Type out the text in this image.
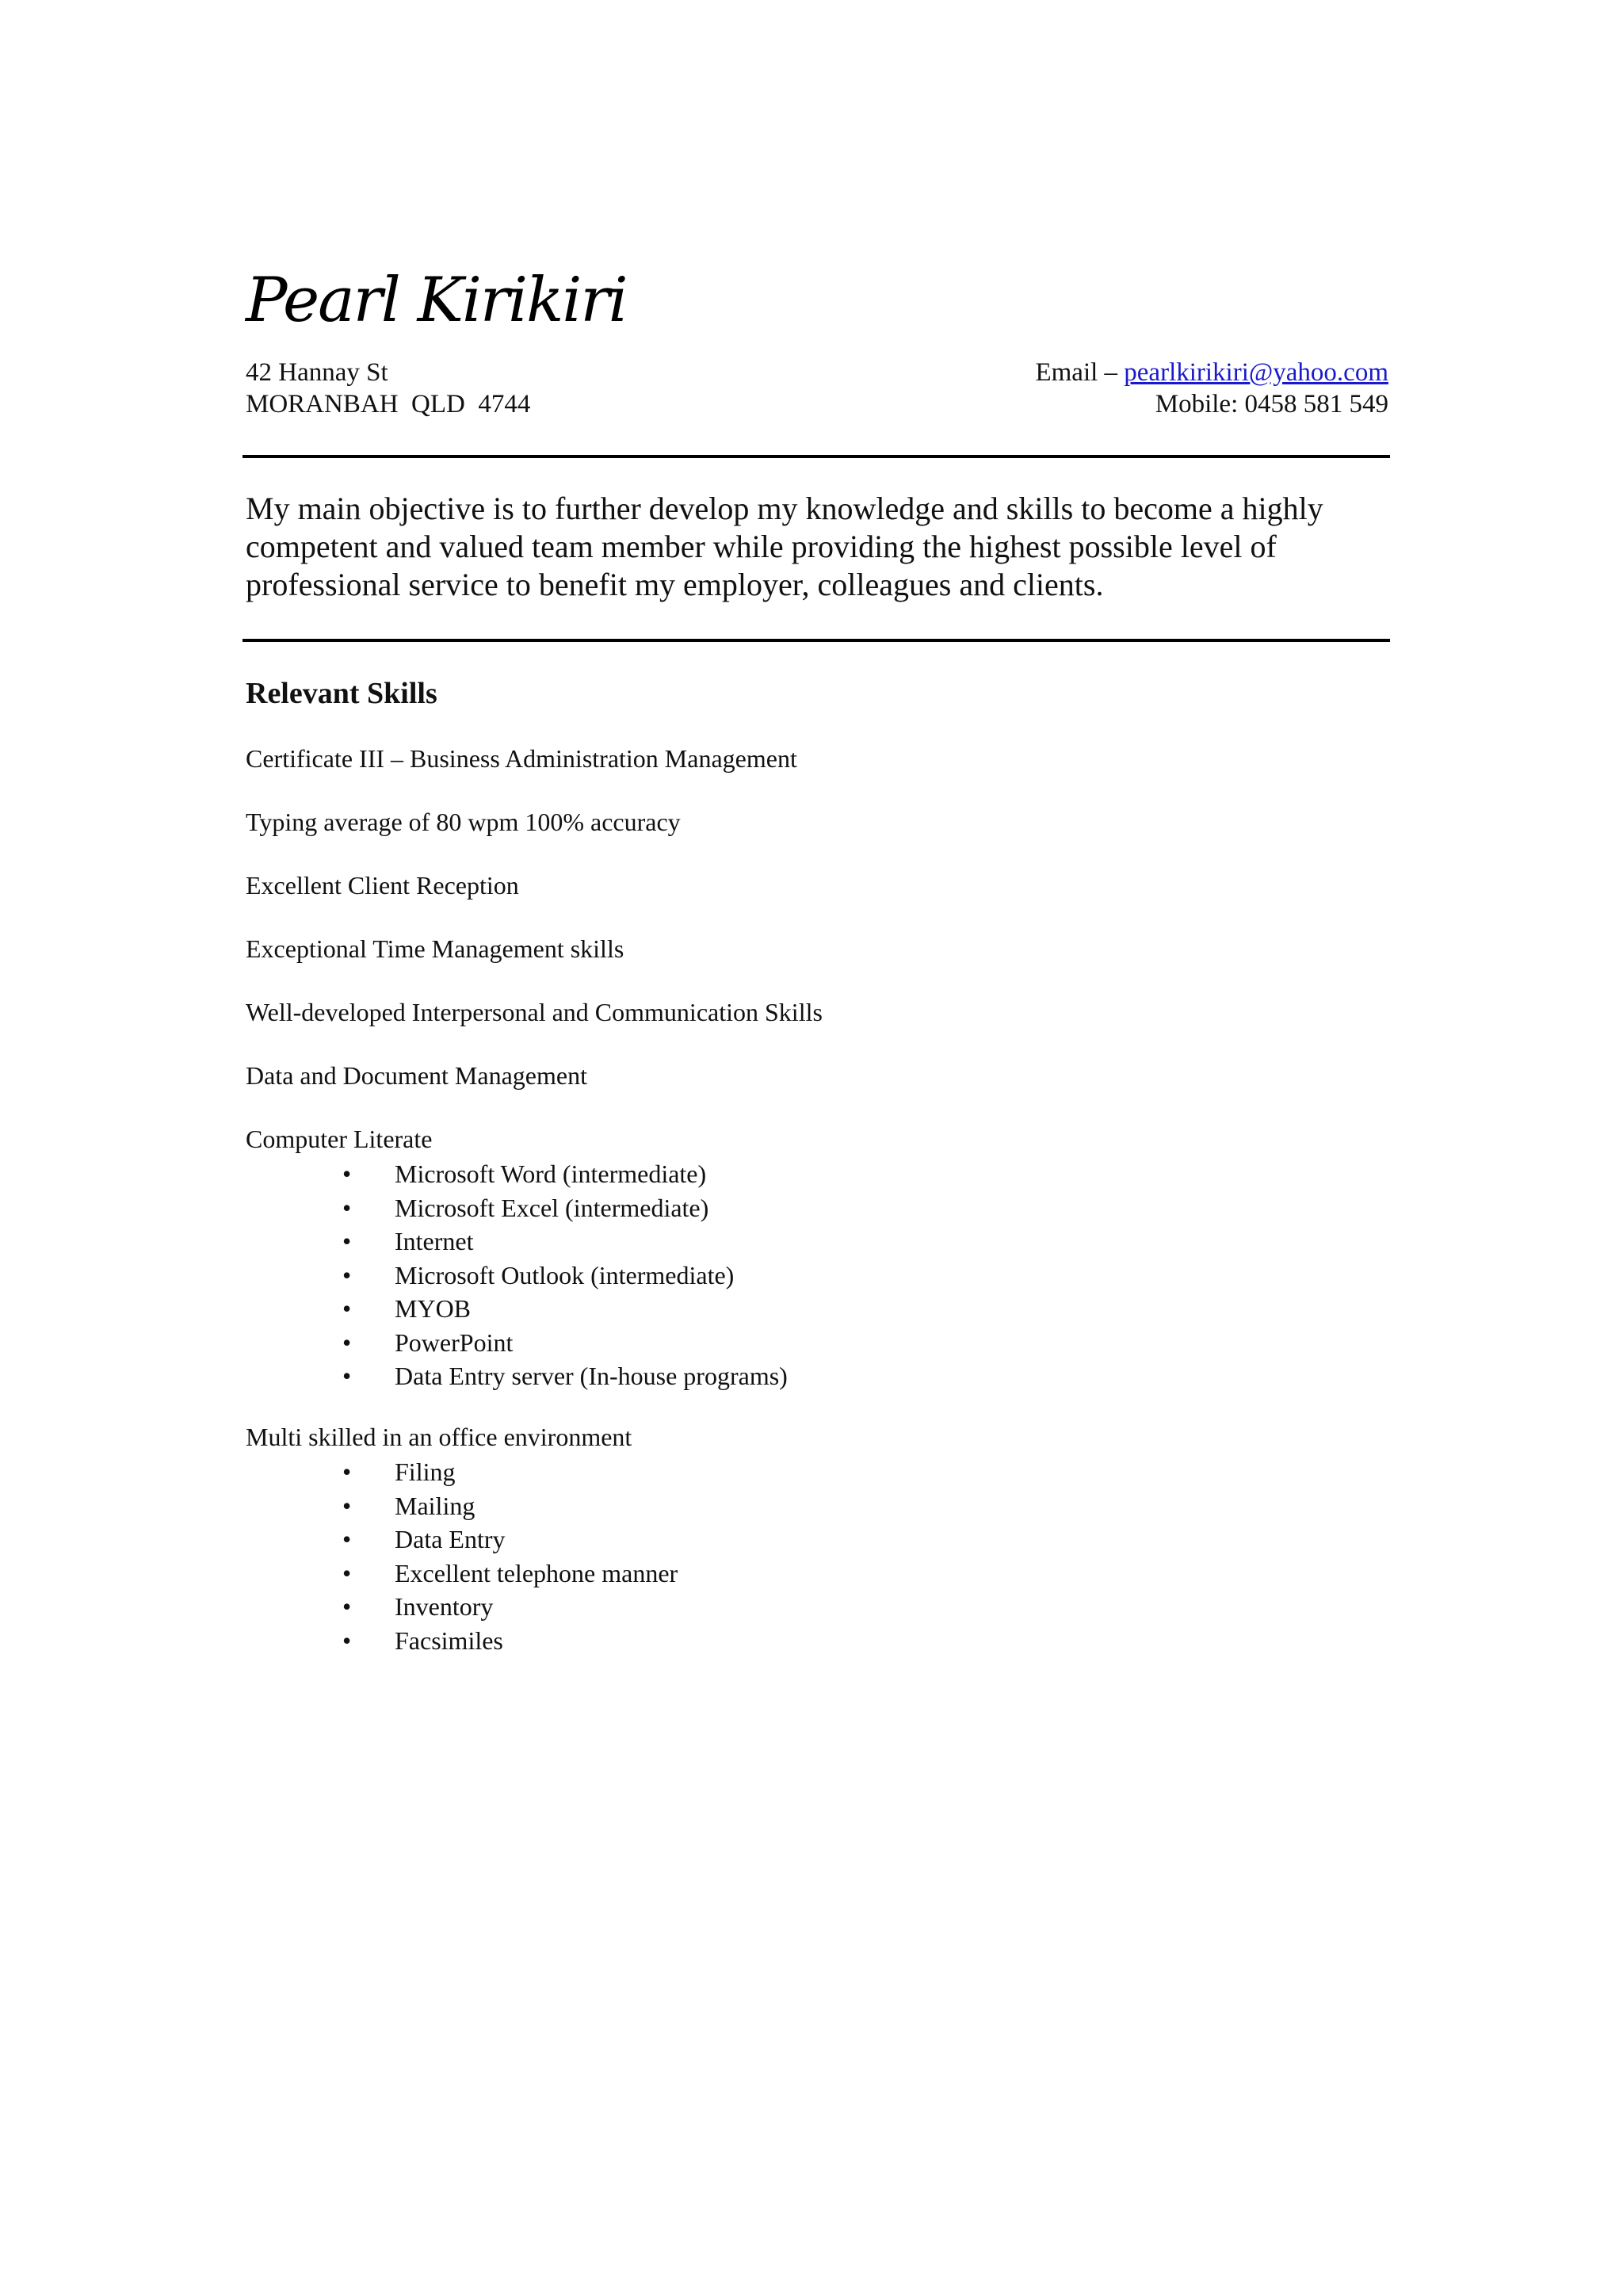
Pearl Kirikiri
42 Hannay St
MORANBAH  QLD  4744
Email – pearlkirikiri@yahoo.com
Mobile: 0458 581 549
My main objective is to further develop my knowledge and skills to become a highly competent and valued team member while providing the highest possible level of professional service to benefit my employer, colleagues and clients.
Relevant Skills
Certificate III – Business Administration Management
Typing average of 80 wpm 100% accuracy
Excellent Client Reception
Exceptional Time Management skills
Well-developed Interpersonal and Communication Skills
Data and Document Management
Computer Literate
• Microsoft Word (intermediate)
• Microsoft Excel (intermediate)
• Internet
• Microsoft Outlook (intermediate)
• MYOB
• PowerPoint
• Data Entry server (In-house programs)
Multi skilled in an office environment
• Filing
• Mailing
• Data Entry
• Excellent telephone manner
• Inventory
• Facsimiles
